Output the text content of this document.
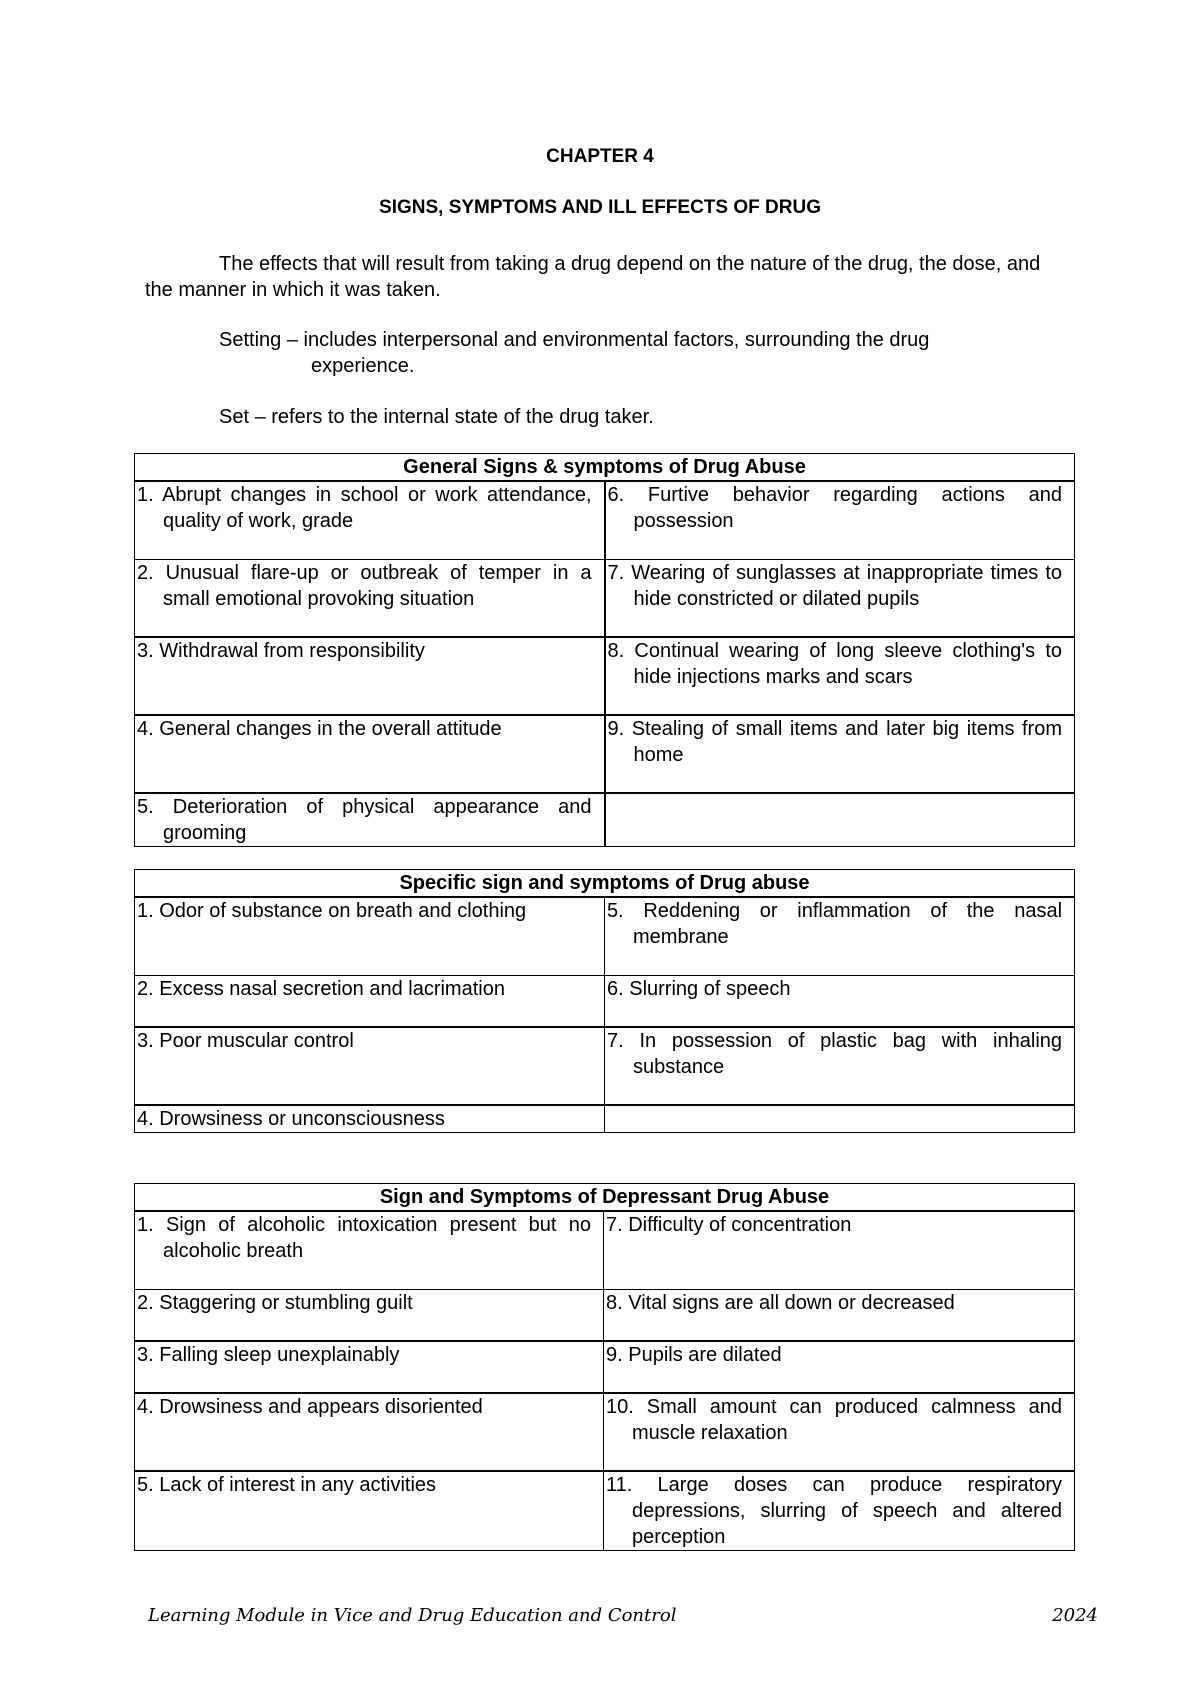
CHAPTER 4
SIGNS, SYMPTOMS AND ILL EFFECTS OF DRUG
The effects that will result from taking a drug depend on the nature of the drug, the dose, and the manner in which it was taken.
Setting – includes interpersonal and environmental factors, surrounding the drug
experience.
Set – refers to the internal state of the drug taker.
General Signs & symptoms of Drug Abuse	

1. Abrupt changes in school or work attendance, quality of work, grade	6. Furtive behavior regarding actions and possession

2. Unusual flare-up or outbreak of temper in a small emotional provoking situation	7. Wearing of sunglasses at inappropriate times to hide constricted or dilated pupils

3. Withdrawal from responsibility	8. Continual wearing of long sleeve clothing's to hide injections marks and scars

4. General changes in the overall attitude	9. Stealing of small items and later big items from home

5. Deterioration of physical appearance and grooming	

Specific sign and symptoms of Drug abuse	

1. Odor of substance on breath and clothing	5. Reddening or inflammation of the nasal membrane

2. Excess nasal secretion and lacrimation	6. Slurring of speech

3. Poor muscular control	7. In possession of plastic bag with inhaling substance

4. Drowsiness or unconsciousness	

Sign and Symptoms of Depressant Drug Abuse	

1. Sign of alcoholic intoxication present but no alcoholic breath	7. Difficulty of concentration

2. Staggering or stumbling guilt	8. Vital signs are all down or decreased

3. Falling sleep unexplainably	9. Pupils are dilated

4. Drowsiness and appears disoriented	10. Small amount can produced calmness and muscle relaxation

5. Lack of interest in any activities	11. Large doses can produce respiratory depressions, slurring of speech and altered perception
Learning Module in Vice and Drug Education and Control	2024
